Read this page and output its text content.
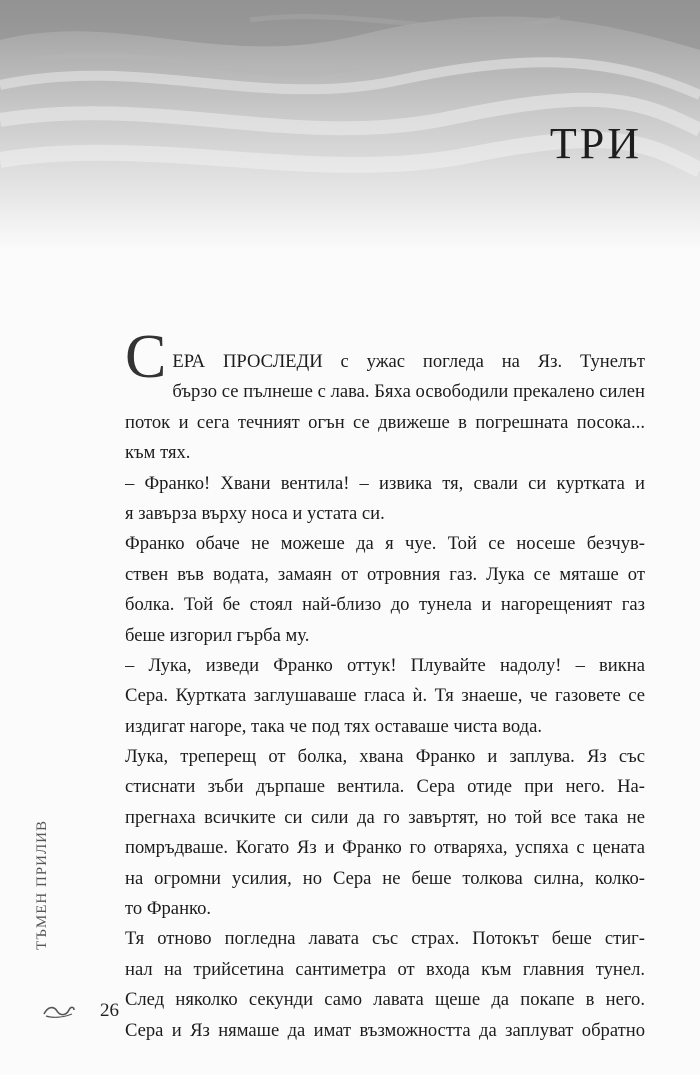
ТРИ
С ЕРА ПРОСЛЕДИ с ужас погледа на Яз. Тунелът
бързо се пълнеше с лава. Бяха освободили прекалено силен
поток и сега течният огън се движеше в погрешната посока...
към тях.
– Франко! Хвани вентила! – извика тя, свали си куртката и
я завърза върху носа и устата си.
Франко обаче не можеше да я чуе. Той се носеше безчув-
ствен във водата, замаян от отровния газ. Лука се мяташе от
болка. Той бе стоял най-близо до тунела и нагорещеният газ
беше изгорил гърба му.
– Лука, изведи Франко оттук! Плувайте надолу! – викна
Сера. Куртката заглушаваше гласа ѝ. Тя знаеше, че газовете се
издигат нагоре, така че под тях оставаше чиста вода.
Лука, треперещ от болка, хвана Франко и заплува. Яз със
стиснати зъби дърпаше вентила. Сера отиде при него. На-
прегнаха всичките си сили да го завъртят, но той все така не
помръдваше. Когато Яз и Франко го отваряха, успяха с цената
на огромни усилия, но Сера не беше толкова силна, колко-
то Франко.
Тя отново погледна лавата със страх. Потокът беше стиг-
нал на трийсетина сантиметра от входа към главния тунел.
След няколко секунди само лавата щеше да покапе в него.
Сера и Яз нямаше да имат възможността да заплуват обратно
ТЪМЕН ПРИЛИВ
26
